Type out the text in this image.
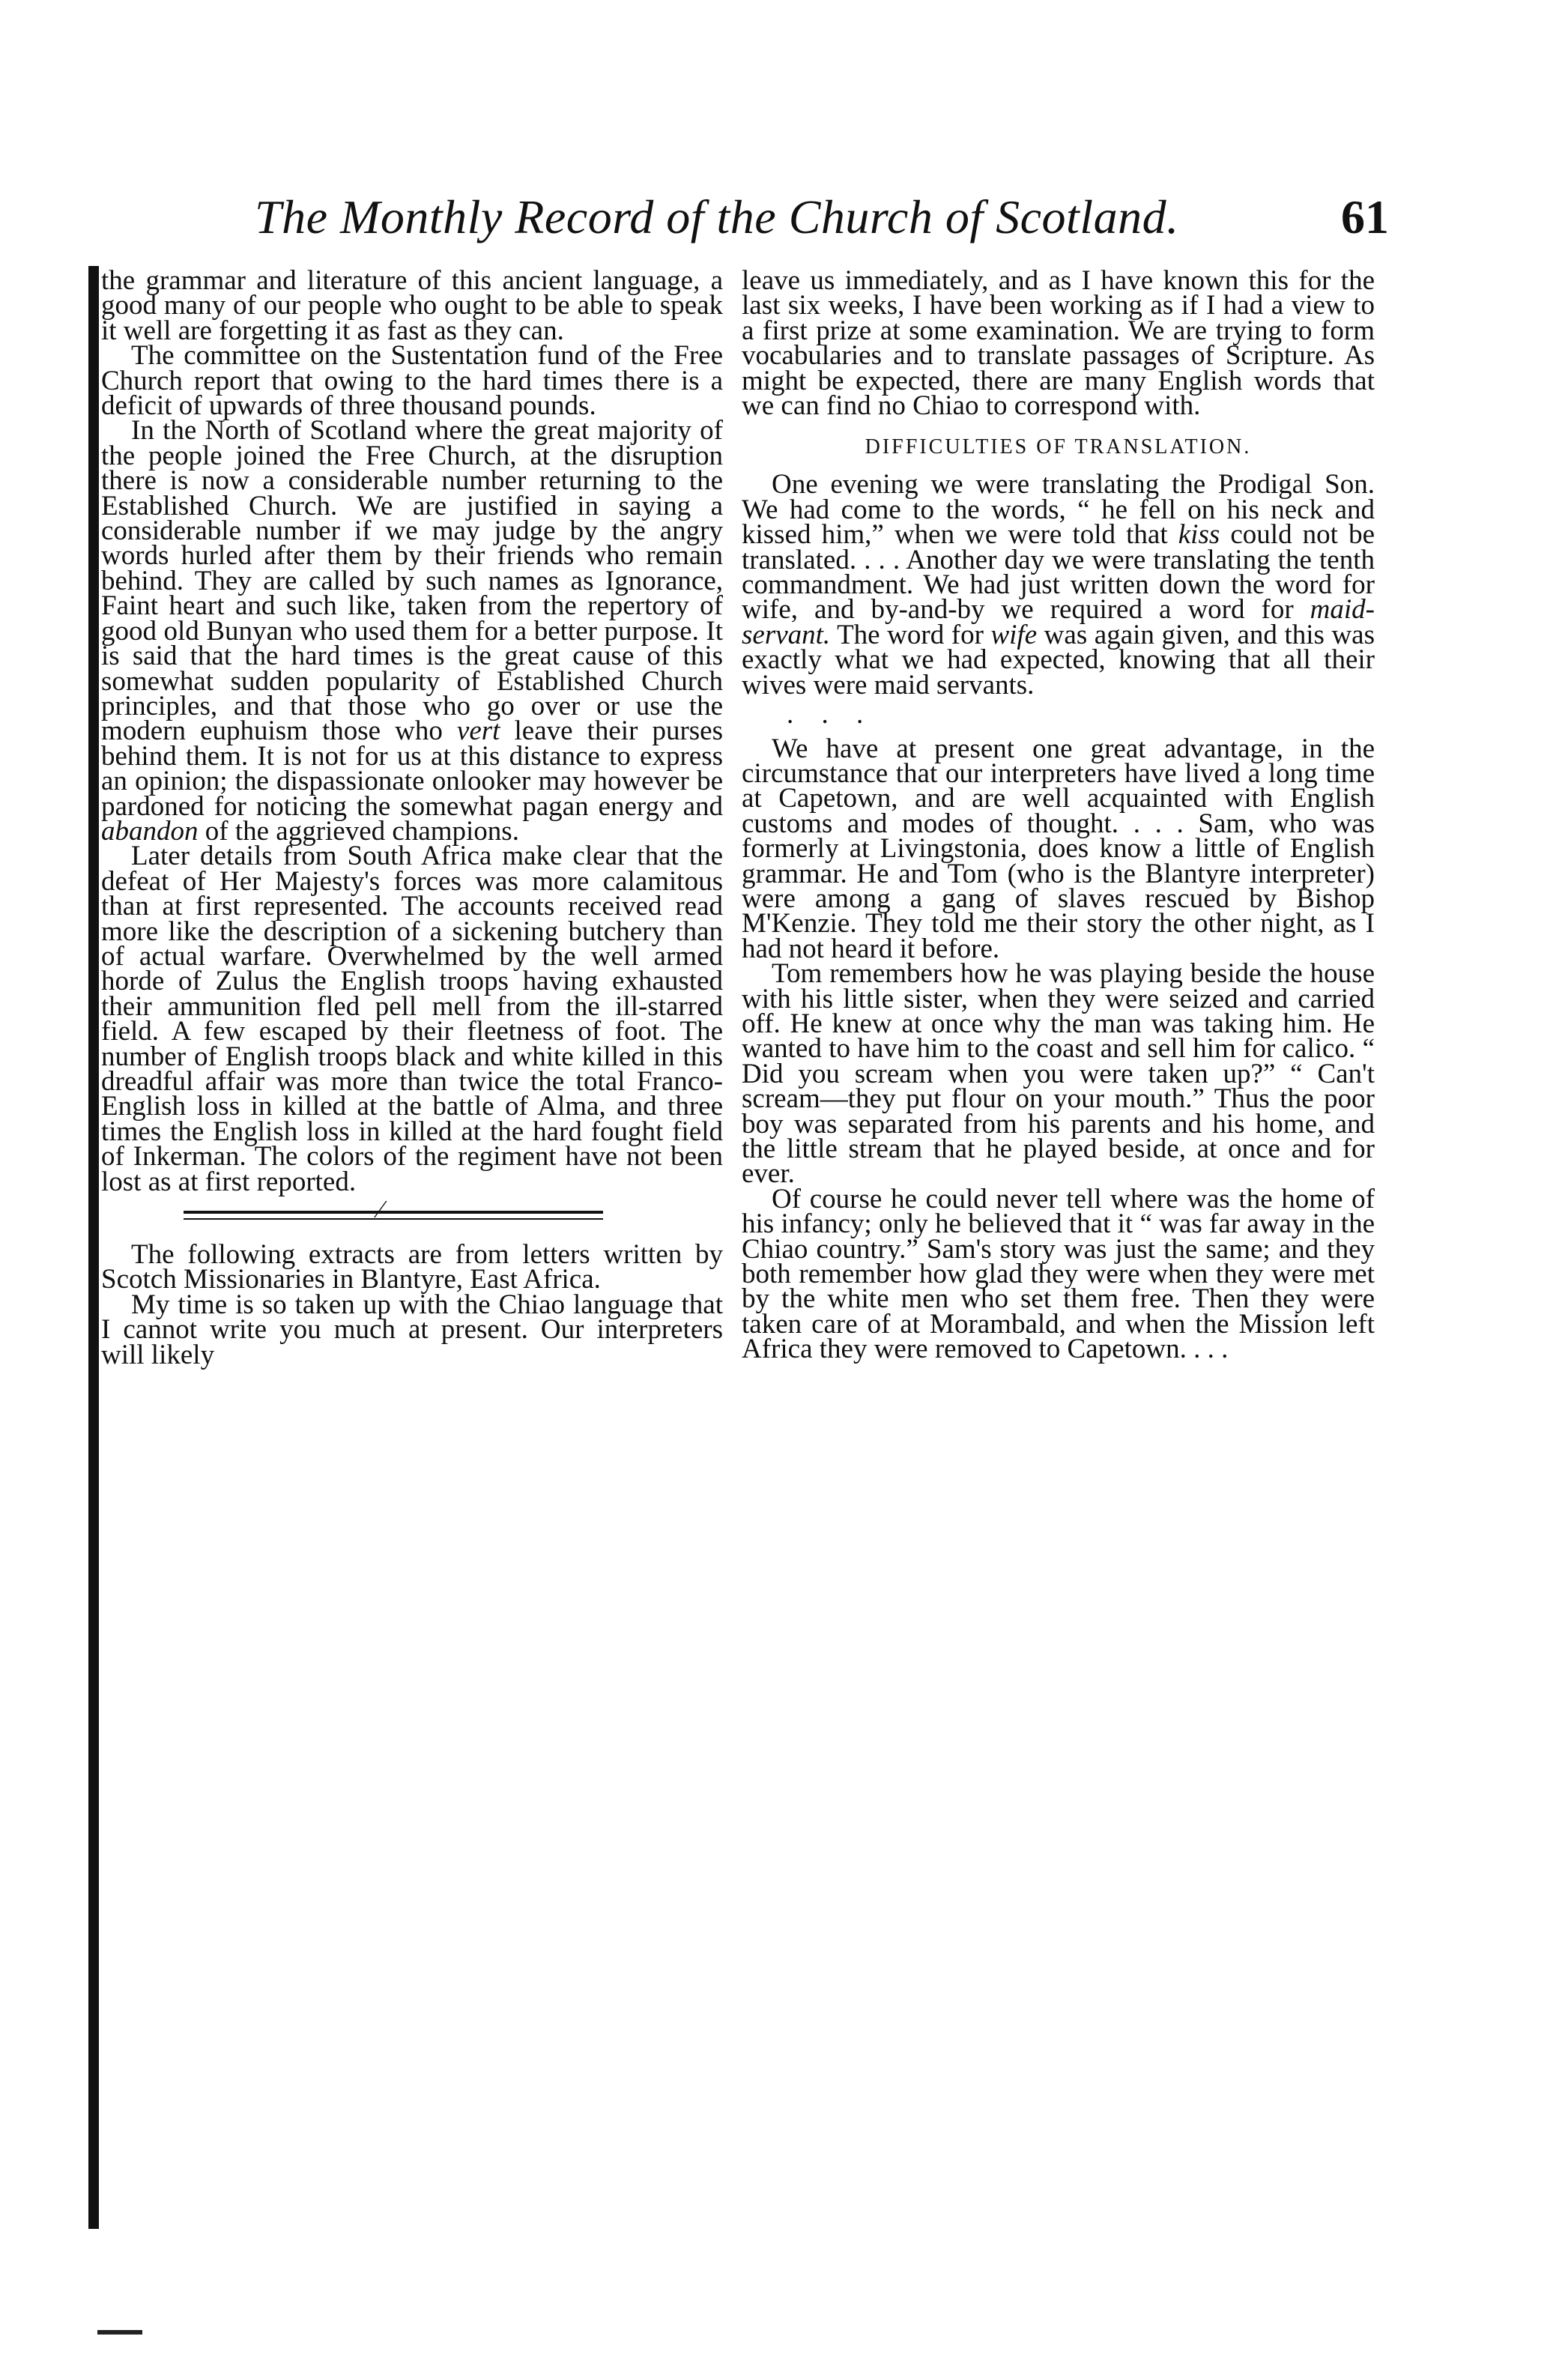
The Monthly Record of the Church of Scotland.	61

the grammar and literature of this ancient language, a good many of our people who ought to be able to speak it well are forgetting it as fast as they can.

The committee on the Sustentation fund of the Free Church report that owing to the hard times there is a deficit of upwards of three thousand pounds.

In the North of Scotland where the great majority of the people joined the Free Church, at the disruption there is now a considerable number returning to the Established Church. We are justified in saying a considerable number if we may judge by the angry words hurled after them by their friends who remain behind. They are called by such names as Ignorance, Faint heart and such like, taken from the repertory of good old Bunyan who used them for a better purpose. It is said that the hard times is the great cause of this somewhat sudden popularity of Established Church principles, and that those who go over or use the modern euphuism those who vert leave their purses behind them. It is not for us at this distance to express an opinion; the dispassionate onlooker may however be pardoned for noticing the somewhat pagan energy and abandon of the aggrieved champions.

Later details from South Africa make clear that the defeat of Her Majesty's forces was more calamitous than at first represented. The accounts received read more like the description of a sickening butchery than of actual warfare. Overwhelmed by the well armed horde of Zulus the English troops having exhausted their ammunition fled pell mell from the ill-starred field. A few escaped by their fleetness of foot. The number of English troops black and white killed in this dreadful affair was more than twice the total Franco-English loss in killed at the battle of Alma, and three times the English loss in killed at the hard fought field of Inkerman. The colors of the regiment have not been lost as at first reported.

⁄

The following extracts are from letters written by Scotch Missionaries in Blantyre, East Africa.

My time is so taken up with the Chiao language that I cannot write you much at present. Our interpreters will likely

leave us immediately, and as I have known this for the last six weeks, I have been working as if I had a view to a first prize at some examination. We are trying to form vocabularies and to translate passages of Scripture. As might be expected, there are many English words that we can find no Chiao to correspond with.

DIFFICULTIES OF TRANSLATION.

One evening we were translating the Prodigal Son. We had come to the words, “ he fell on his neck and kissed him,” when we were told that kiss could not be translated. . . . Another day we were translating the tenth commandment. We had just written down the word for wife, and by-and-by we required a word for maid-servant. The word for wife was again given, and this was exactly what we had expected, knowing that all their wives were maid servants.

. . .

We have at present one great advantage, in the circumstance that our interpreters have lived a long time at Capetown, and are well acquainted with English customs and modes of thought. . . . Sam, who was formerly at Livingstonia, does know a little of English grammar. He and Tom (who is the Blantyre interpreter) were among a gang of slaves rescued by Bishop M'Kenzie. They told me their story the other night, as I had not heard it before.

Tom remembers how he was playing beside the house with his little sister, when they were seized and carried off. He knew at once why the man was taking him. He wanted to have him to the coast and sell him for calico. “ Did you scream when you were taken up?” “ Can't scream—they put flour on your mouth.” Thus the poor boy was separated from his parents and his home, and the little stream that he played beside, at once and for ever.

Of course he could never tell where was the home of his infancy; only he believed that it “ was far away in the Chiao country.” Sam's story was just the same; and they both remember how glad they were when they were met by the white men who set them free. Then they were taken care of at Morambald, and when the Mission left Africa they were removed to Capetown. . . .
